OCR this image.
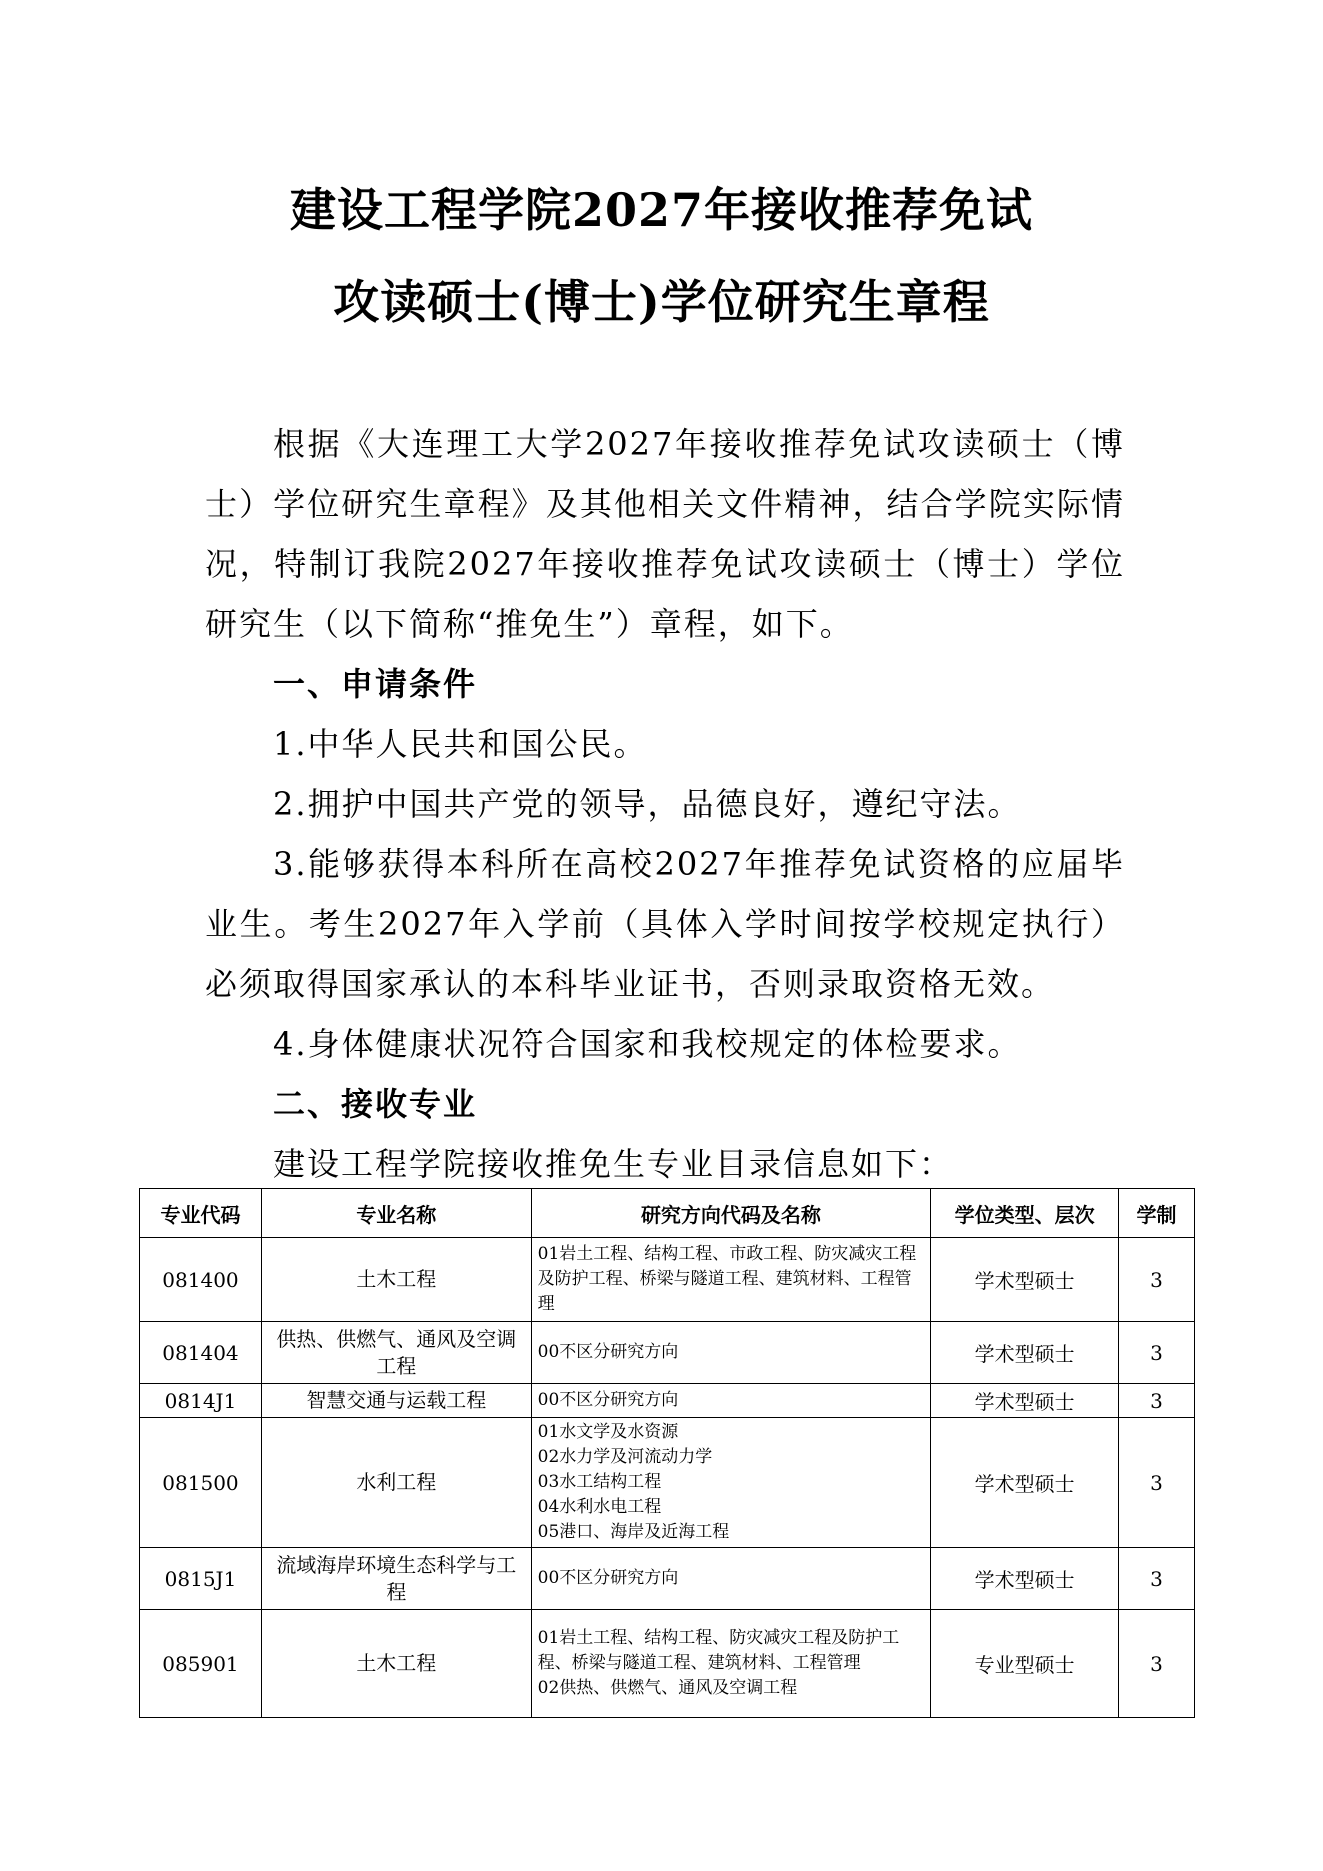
建设工程学院2027年接收推荐免试
攻读硕士(博士)学位研究生章程

根据《大连理工大学2027年接收推荐免试攻读硕士（博士）学位研究生章程》及其他相关文件精神，结合学院实际情况，特制订我院2027年接收推荐免试攻读硕士（博士）学位研究生（以下简称“推免生”）章程，如下。

一、申请条件

1.中华人民共和国公民。

2.拥护中国共产党的领导，品德良好，遵纪守法。

3.能够获得本科所在高校2027年推荐免试资格的应届毕业生。考生2027年入学前（具体入学时间按学校规定执行）必须取得国家承认的本科毕业证书，否则录取资格无效。

4.身体健康状况符合国家和我校规定的体检要求。

二、接收专业

建设工程学院接收推免生专业目录信息如下：

专业代码	专业名称	研究方向代码及名称	学位类型、层次	学制
081400	土木工程	01岩土工程、结构工程、市政工程、防灾减灾工程及防护工程、桥梁与隧道工程、建筑材料、工程管理	学术型硕士	3
081404	供热、供燃气、通风及空调工程	00不区分研究方向	学术型硕士	3
0814J1	智慧交通与运载工程	00不区分研究方向	学术型硕士	3
081500	水利工程	01水文学及水资源
02水力学及河流动力学
03水工结构工程
04水利水电工程
05港口、海岸及近海工程	学术型硕士	3
0815J1	流域海岸环境生态科学与工程	00不区分研究方向	学术型硕士	3
085901	土木工程	01岩土工程、结构工程、防灾减灾工程及防护工程、桥梁与隧道工程、建筑材料、工程管理
02供热、供燃气、通风及空调工程	专业型硕士	3
